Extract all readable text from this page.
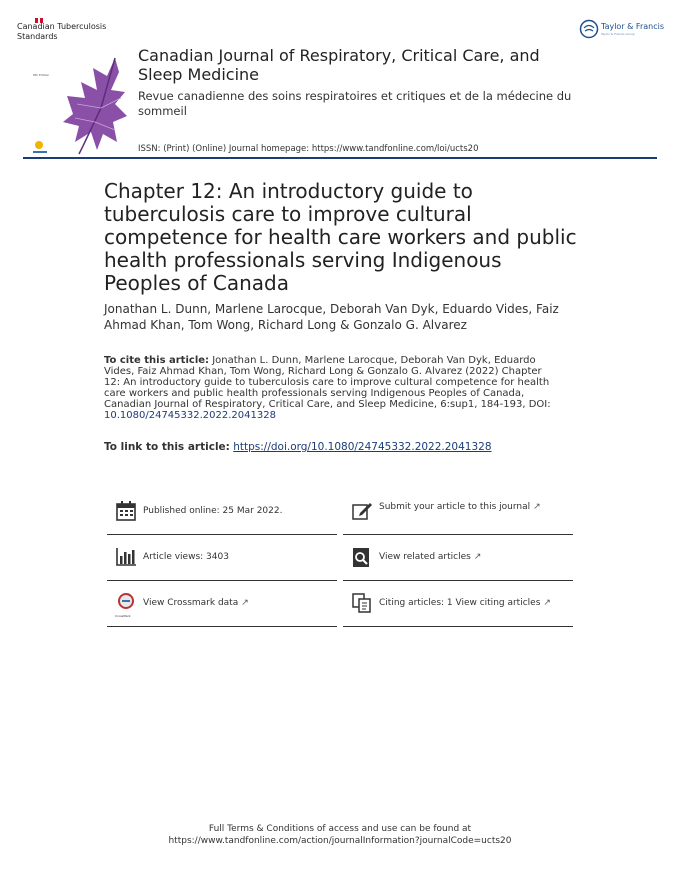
Canadian Tuberculosis Standards
8th Edition
Canadian Journal of Respiratory, Critical Care, and Sleep Medicine
Revue canadienne des soins respiratoires et critiques et de la médecine du sommeil
ISSN: (Print) (Online) Journal homepage: https://www.tandfonline.com/loi/ucts20
Taylor & Francis
Taylor & Francis Group
Chapter 12: An introductory guide to tuberculosis care to improve cultural competence for health care workers and public health professionals serving Indigenous Peoples of Canada
Jonathan L. Dunn, Marlene Larocque, Deborah Van Dyk, Eduardo Vides, Faiz Ahmad Khan, Tom Wong, Richard Long & Gonzalo G. Alvarez
To cite this article: Jonathan L. Dunn, Marlene Larocque, Deborah Van Dyk, Eduardo Vides, Faiz Ahmad Khan, Tom Wong, Richard Long & Gonzalo G. Alvarez (2022) Chapter 12: An introductory guide to tuberculosis care to improve cultural competence for health care workers and public health professionals serving Indigenous Peoples of Canada, Canadian Journal of Respiratory, Critical Care, and Sleep Medicine, 6:sup1, 184-193, DOI: 10.1080/24745332.2022.2041328
To link to this article: https://doi.org/10.1080/24745332.2022.2041328
Published online: 25 Mar 2022.	Submit your article to this journal ↗
Article views: 3403	View related articles ↗
CrossMark
View Crossmark data ↗	Citing articles: 1 View citing articles ↗
Full Terms & Conditions of access and use can be found at
https://www.tandfonline.com/action/journalInformation?journalCode=ucts20
